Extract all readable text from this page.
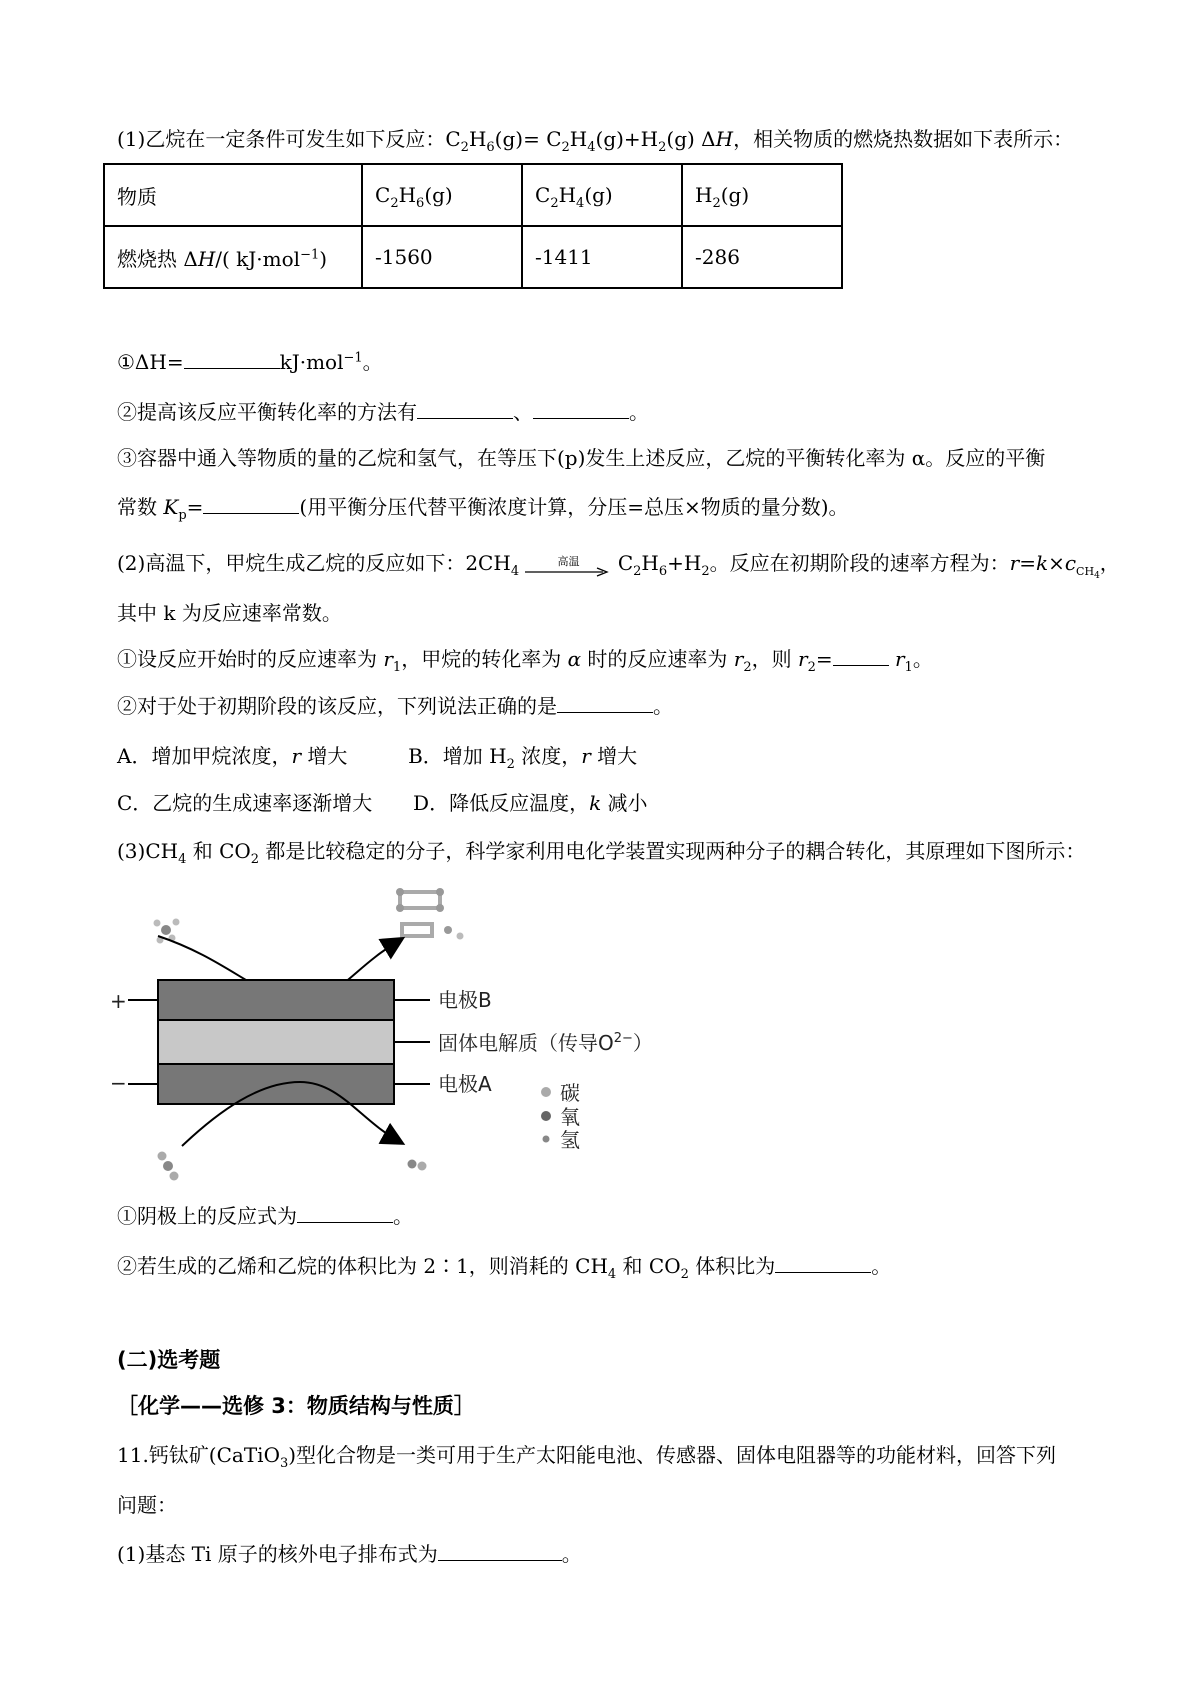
(1)乙烷在一定条件可发生如下反应：$C_2H_6(g)= C_2H_4(g)+H_2(g)$ ΔH，相关物质的燃烧热数据如下表所示：
物质	$C_2H_6(g)$	$C_2H_4(g)$	$H_2(g)$
燃烧热 ΔH/( kJ·mol$^{-1}$)	-1560	-1411	-286
①ΔH=	kJ·mol$^{-1}$。
②提高该反应平衡转化率的方法有	、	。
③容器中通入等物质的量的乙烷和氢气，在等压下(p)发生上述反应，乙烷的平衡转化率为 α。反应的平衡
常数 $K_p=$	(用平衡分压代替平衡浓度计算，分压=总压×物质的量分数)。
(2)高温下，甲烷生成乙烷的反应如下：$2CH_4$
高温	$C_2H_6+H_2$。反应在初期阶段的速率方程为：$r=k\times c_{CH_4}$，
其中 k 为反应速率常数。
①设反应开始时的反应速率为 $r_1$，甲烷的转化率为 α 时的反应速率为 $r_2$，则 $r_2=$	$r_1$。
②对于处于初期阶段的该反应，下列说法正确的是	。
A．增加甲烷浓度，r 增大	B．增加 $H_2$ 浓度，r 增大
C．乙烷的生成速率逐渐增大 D．降低反应温度，k 减小
$(3)CH_4$ 和 $CO_2$ 都是比较稳定的分子，科学家利用电化学装置实现两种分子的耦合转化，其原理如下图所示：
+
−
电极B
固体电解质（传导$O^{2-}$）
电极A	碳
氧
氢
①阴极上的反应式为	。
②若生成的乙烯和乙烷的体积比为 2∶1，则消耗的 $CH_4$ 和 $CO_2$ 体积比为	。
(二)选考题
［化学——选修 3：物质结构与性质］
11.钙钛矿(CaTiO$_3$)型化合物是一类可用于生产太阳能电池、传感器、固体电阻器等的功能材料，回答下列
问题：
(1)基态 Ti 原子的核外电子排布式为	。
